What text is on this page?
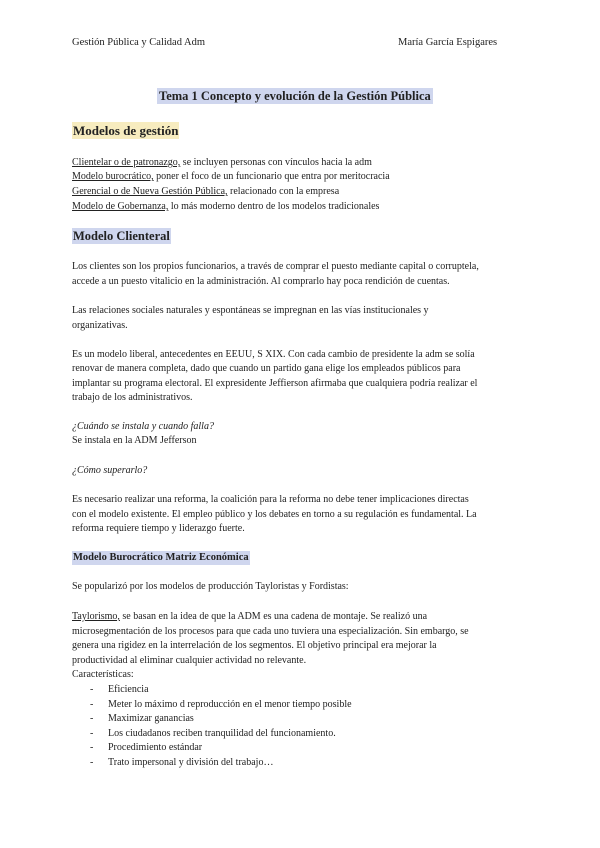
Gestión Pública y Calidad Adm	María García Espigares
Tema 1 Concepto y evolución de la Gestión Pública
Modelos de gestión
Clientelar o de patronazgo, se incluyen personas con vínculos hacia la adm
Modelo burocrático, poner el foco de un funcionario que entra por meritocracia
Gerencial o de Nueva Gestión Pública, relacionado con la empresa
Modelo de Gobernanza, lo más moderno dentro de los modelos tradicionales
Modelo Clienteral
Los clientes son los propios funcionarios, a través de comprar el puesto mediante capital o corruptela,
accede a un puesto vitalicio en la administración. Al comprarlo hay poca rendición de cuentas.
Las relaciones sociales naturales y espontáneas se impregnan en las vías institucionales y
organizativas.
Es un modelo liberal, antecedentes en EEUU, S XIX. Con cada cambio de presidente la adm se solía
renovar de manera completa, dado que cuando un partido gana elige los empleados públicos para
implantar su programa electoral. El expresidente Jeffierson afirmaba que cualquiera podría realizar el
trabajo de los administrativos.
¿Cuándo se instala y cuando falla?
Se instala en la ADM Jefferson
¿Cómo superarlo?
Es necesario realizar una reforma, la coalición para la reforma no debe tener implicaciones directas
con el modelo existente. El empleo público y los debates en torno a su regulación es fundamental. La
reforma requiere tiempo y liderazgo fuerte.
Modelo Burocrático Matriz Económica
Se popularizó por los modelos de producción Tayloristas y Fordistas:
Taylorismo, se basan en la idea de que la ADM es una cadena de montaje. Se realizó una
microsegmentación de los procesos para que cada uno tuviera una especialización. Sin embargo, se
genera una rigidez en la interrelación de los segmentos. El objetivo principal era mejorar la
productividad al eliminar cualquier actividad no relevante.
Características:
- Eficiencia
- Meter lo máximo d reproducción en el menor tiempo posible
- Maximizar ganancias
- Los ciudadanos reciben tranquilidad del funcionamiento.
- Procedimiento estándar
- Trato impersonal y división del trabajo…
